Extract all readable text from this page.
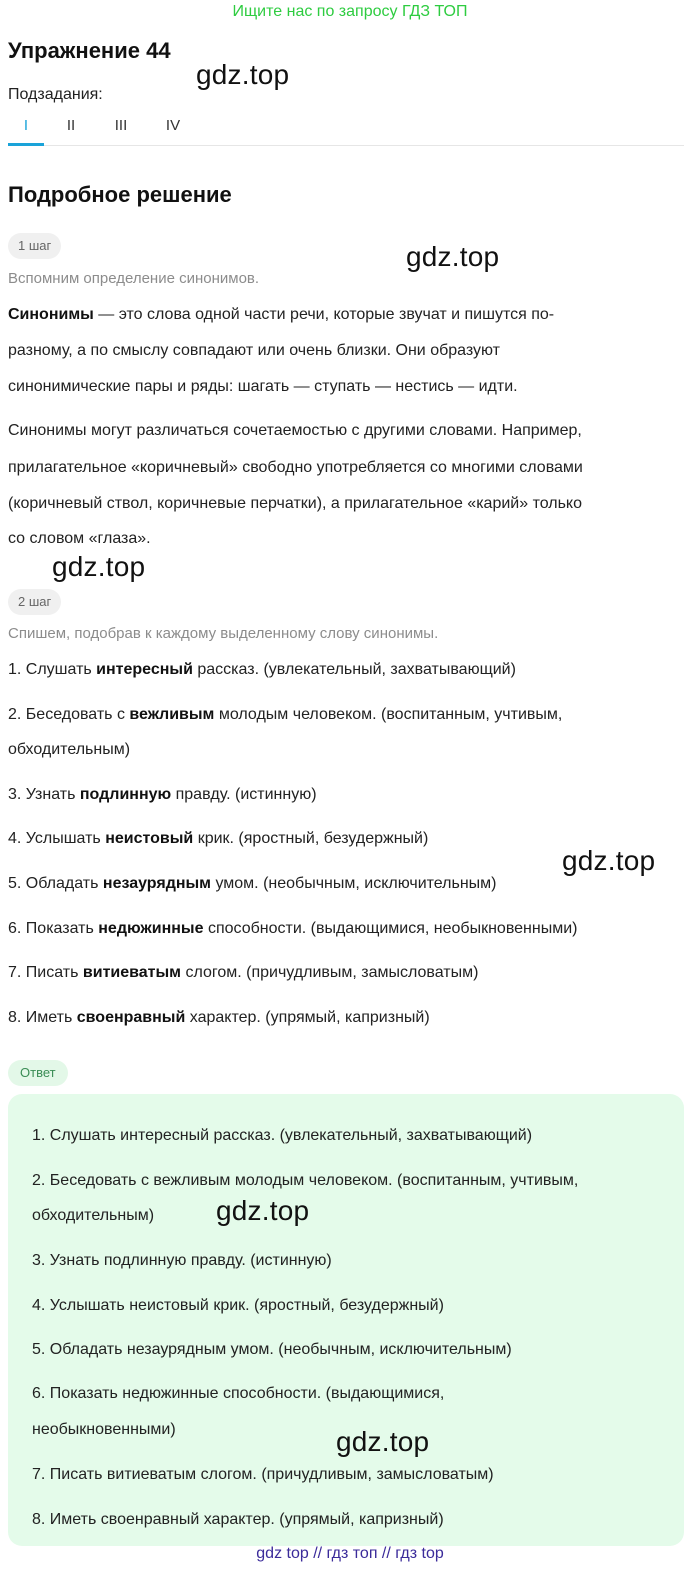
Ищите нас по запросу ГДЗ ТОП
Упражнение 44
Подзадания:
I	II	III	IV
Подробное решение
1 шаг
Вспомним определение синонимов.
Синонимы — это слова одной части речи, которые звучат и пишутся по-
разному, а по смыслу совпадают или очень близки. Они образуют
синонимические пары и ряды: шагать — ступать — нестись — идти.
Синонимы могут различаться сочетаемостью с другими словами. Например,
прилагательное «коричневый» свободно употребляется со многими словами
(коричневый ствол, коричневые перчатки), а прилагательное «карий» только
со словом «глаза».
2 шаг
Спишем, подобрав к каждому выделенному слову синонимы.
1. Слушать интересный рассказ. (увлекательный, захватывающий)
2. Беседовать с вежливым молодым человеком. (воспитанным, учтивым,
обходительным)
3. Узнать подлинную правду. (истинную)
4. Услышать неистовый крик. (яростный, безудержный)
5. Обладать незаурядным умом. (необычным, исключительным)
6. Показать недюжинные способности. (выдающимися, необыкновенными)
7. Писать витиеватым слогом. (причудливым, замысловатым)
8. Иметь своенравный характер. (упрямый, капризный)
Ответ
1. Слушать интересный рассказ. (увлекательный, захватывающий)
2. Беседовать с вежливым молодым человеком. (воспитанным, учтивым,
обходительным)
3. Узнать подлинную правду. (истинную)
4. Услышать неистовый крик. (яростный, безудержный)
5. Обладать незаурядным умом. (необычным, исключительным)
6. Показать недюжинные способности. (выдающимися,
необыкновенными)
7. Писать витиеватым слогом. (причудливым, замысловатым)
8. Иметь своенравный характер. (упрямый, капризный)
gdz.top
gdz.top
gdz.top
gdz.top
gdz.top
gdz.top
gdz top // гдз топ // гдз top
